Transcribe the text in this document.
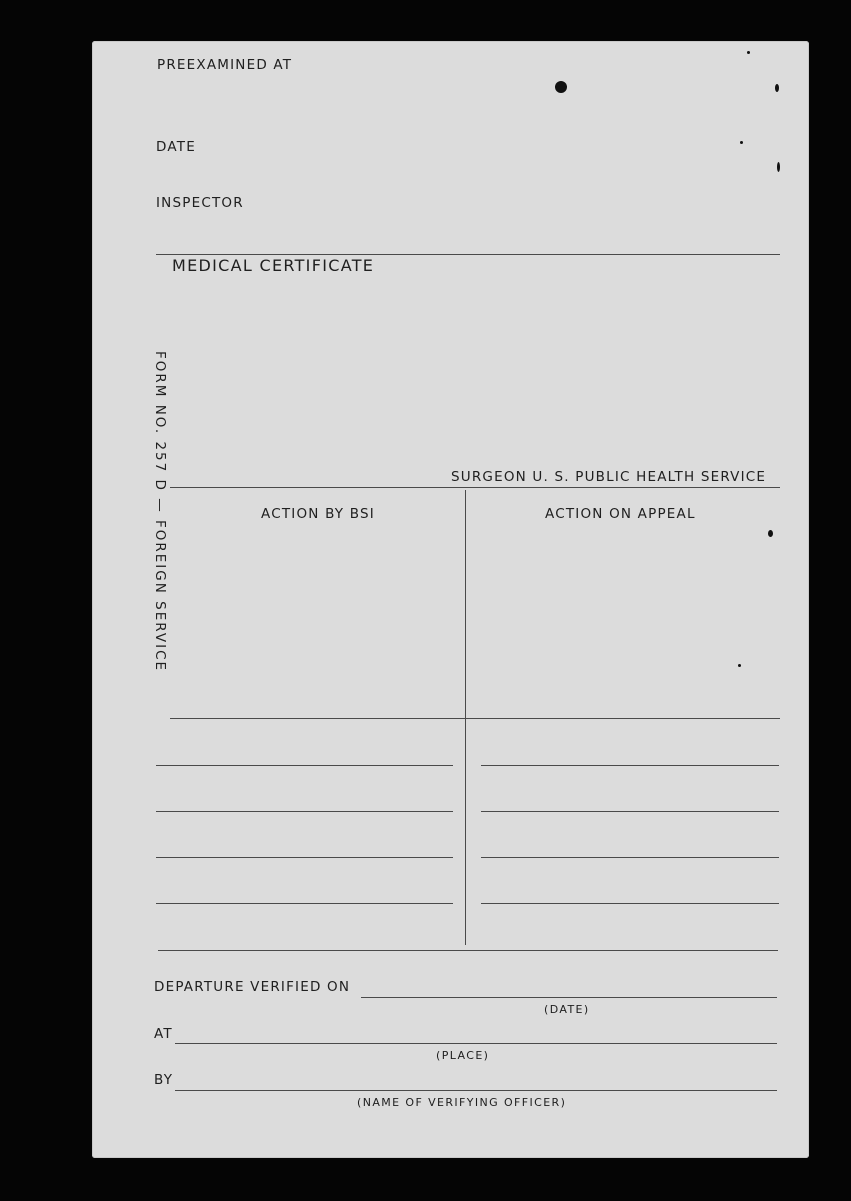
PREEXAMINED AT
DATE
INSPECTOR
MEDICAL CERTIFICATE
FORM NO. 257 D — FOREIGN SERVICE	SURGEON U. S. PUBLIC HEALTH SERVICE
ACTION BY BSI	ACTION ON APPEAL
DEPARTURE VERIFIED ON
(DATE)
AT
(PLACE)
BY
(NAME OF VERIFYING OFFICER)
